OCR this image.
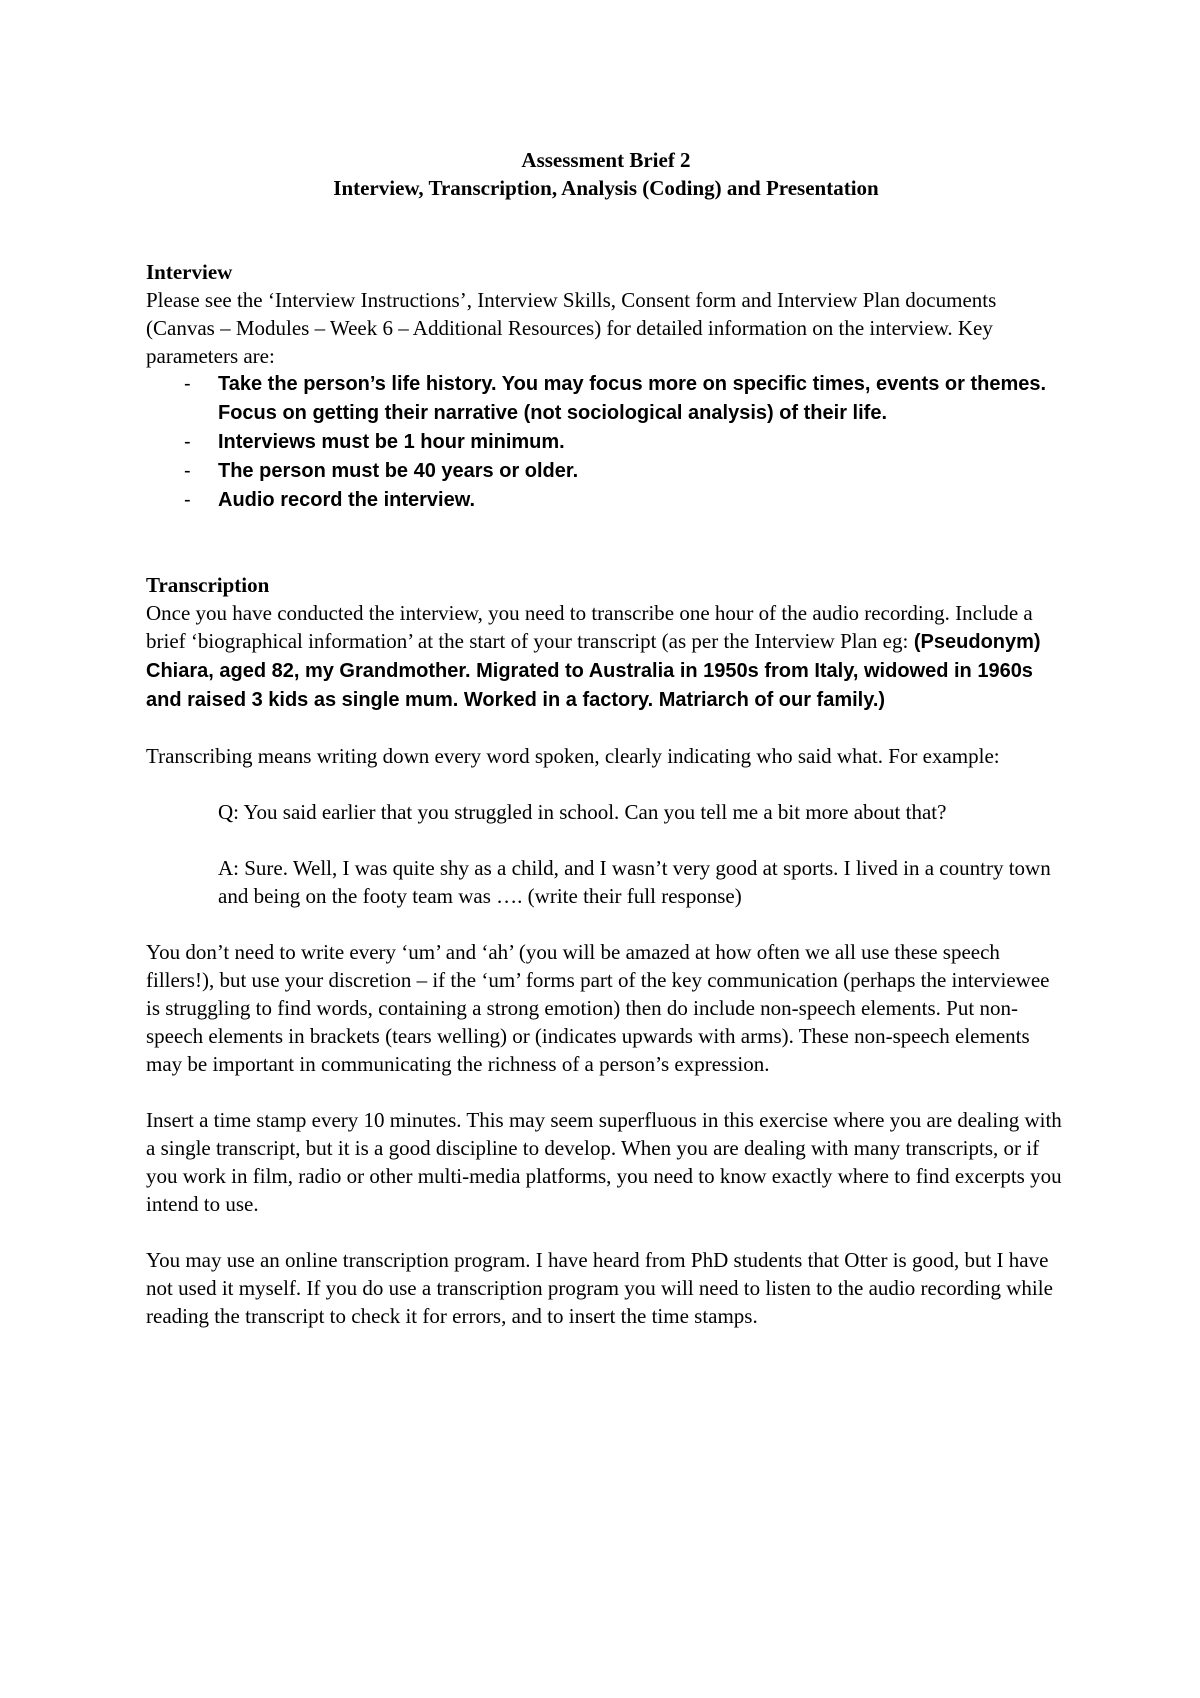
Assessment Brief 2
Interview, Transcription, Analysis (Coding) and Presentation
Interview

Please see the ‘Interview Instructions’, Interview Skills, Consent form and Interview Plan documents (Canvas – Modules – Week 6 – Additional Resources) for detailed information on the interview. Key parameters are:

- Take the person’s life history. You may focus more on specific times, events or themes. Focus on getting their narrative (not sociological analysis) of their life.
- Interviews must be 1 hour minimum.
- The person must be 40 years or older.
- Audio record the interview.
Transcription

Once you have conducted the interview, you need to transcribe one hour of the audio recording. Include a brief ‘biographical information’ at the start of your transcript (as per the Interview Plan eg: (Pseudonym) Chiara, aged 82, my Grandmother. Migrated to Australia in 1950s from Italy, widowed in 1960s and raised 3 kids as single mum. Worked in a factory. Matriarch of our family.)

Transcribing means writing down every word spoken, clearly indicating who said what. For example:

Q: You said earlier that you struggled in school. Can you tell me a bit more about that?

A: Sure. Well, I was quite shy as a child, and I wasn’t very good at sports. I lived in a country town and being on the footy team was …. (write their full response)

You don’t need to write every ‘um’ and ‘ah’ (you will be amazed at how often we all use these speech fillers!), but use your discretion – if the ‘um’ forms part of the key communication (perhaps the interviewee is struggling to find words, containing a strong emotion) then do include non-speech elements. Put non-speech elements in brackets (tears welling) or (indicates upwards with arms). These non-speech elements may be important in communicating the richness of a person’s expression.

Insert a time stamp every 10 minutes. This may seem superfluous in this exercise where you are dealing with a single transcript, but it is a good discipline to develop. When you are dealing with many transcripts, or if you work in film, radio or other multi-media platforms, you need to know exactly where to find excerpts you intend to use.

You may use an online transcription program. I have heard from PhD students that Otter is good, but I have not used it myself. If you do use a transcription program you will need to listen to the audio recording while reading the transcript to check it for errors, and to insert the time stamps.
